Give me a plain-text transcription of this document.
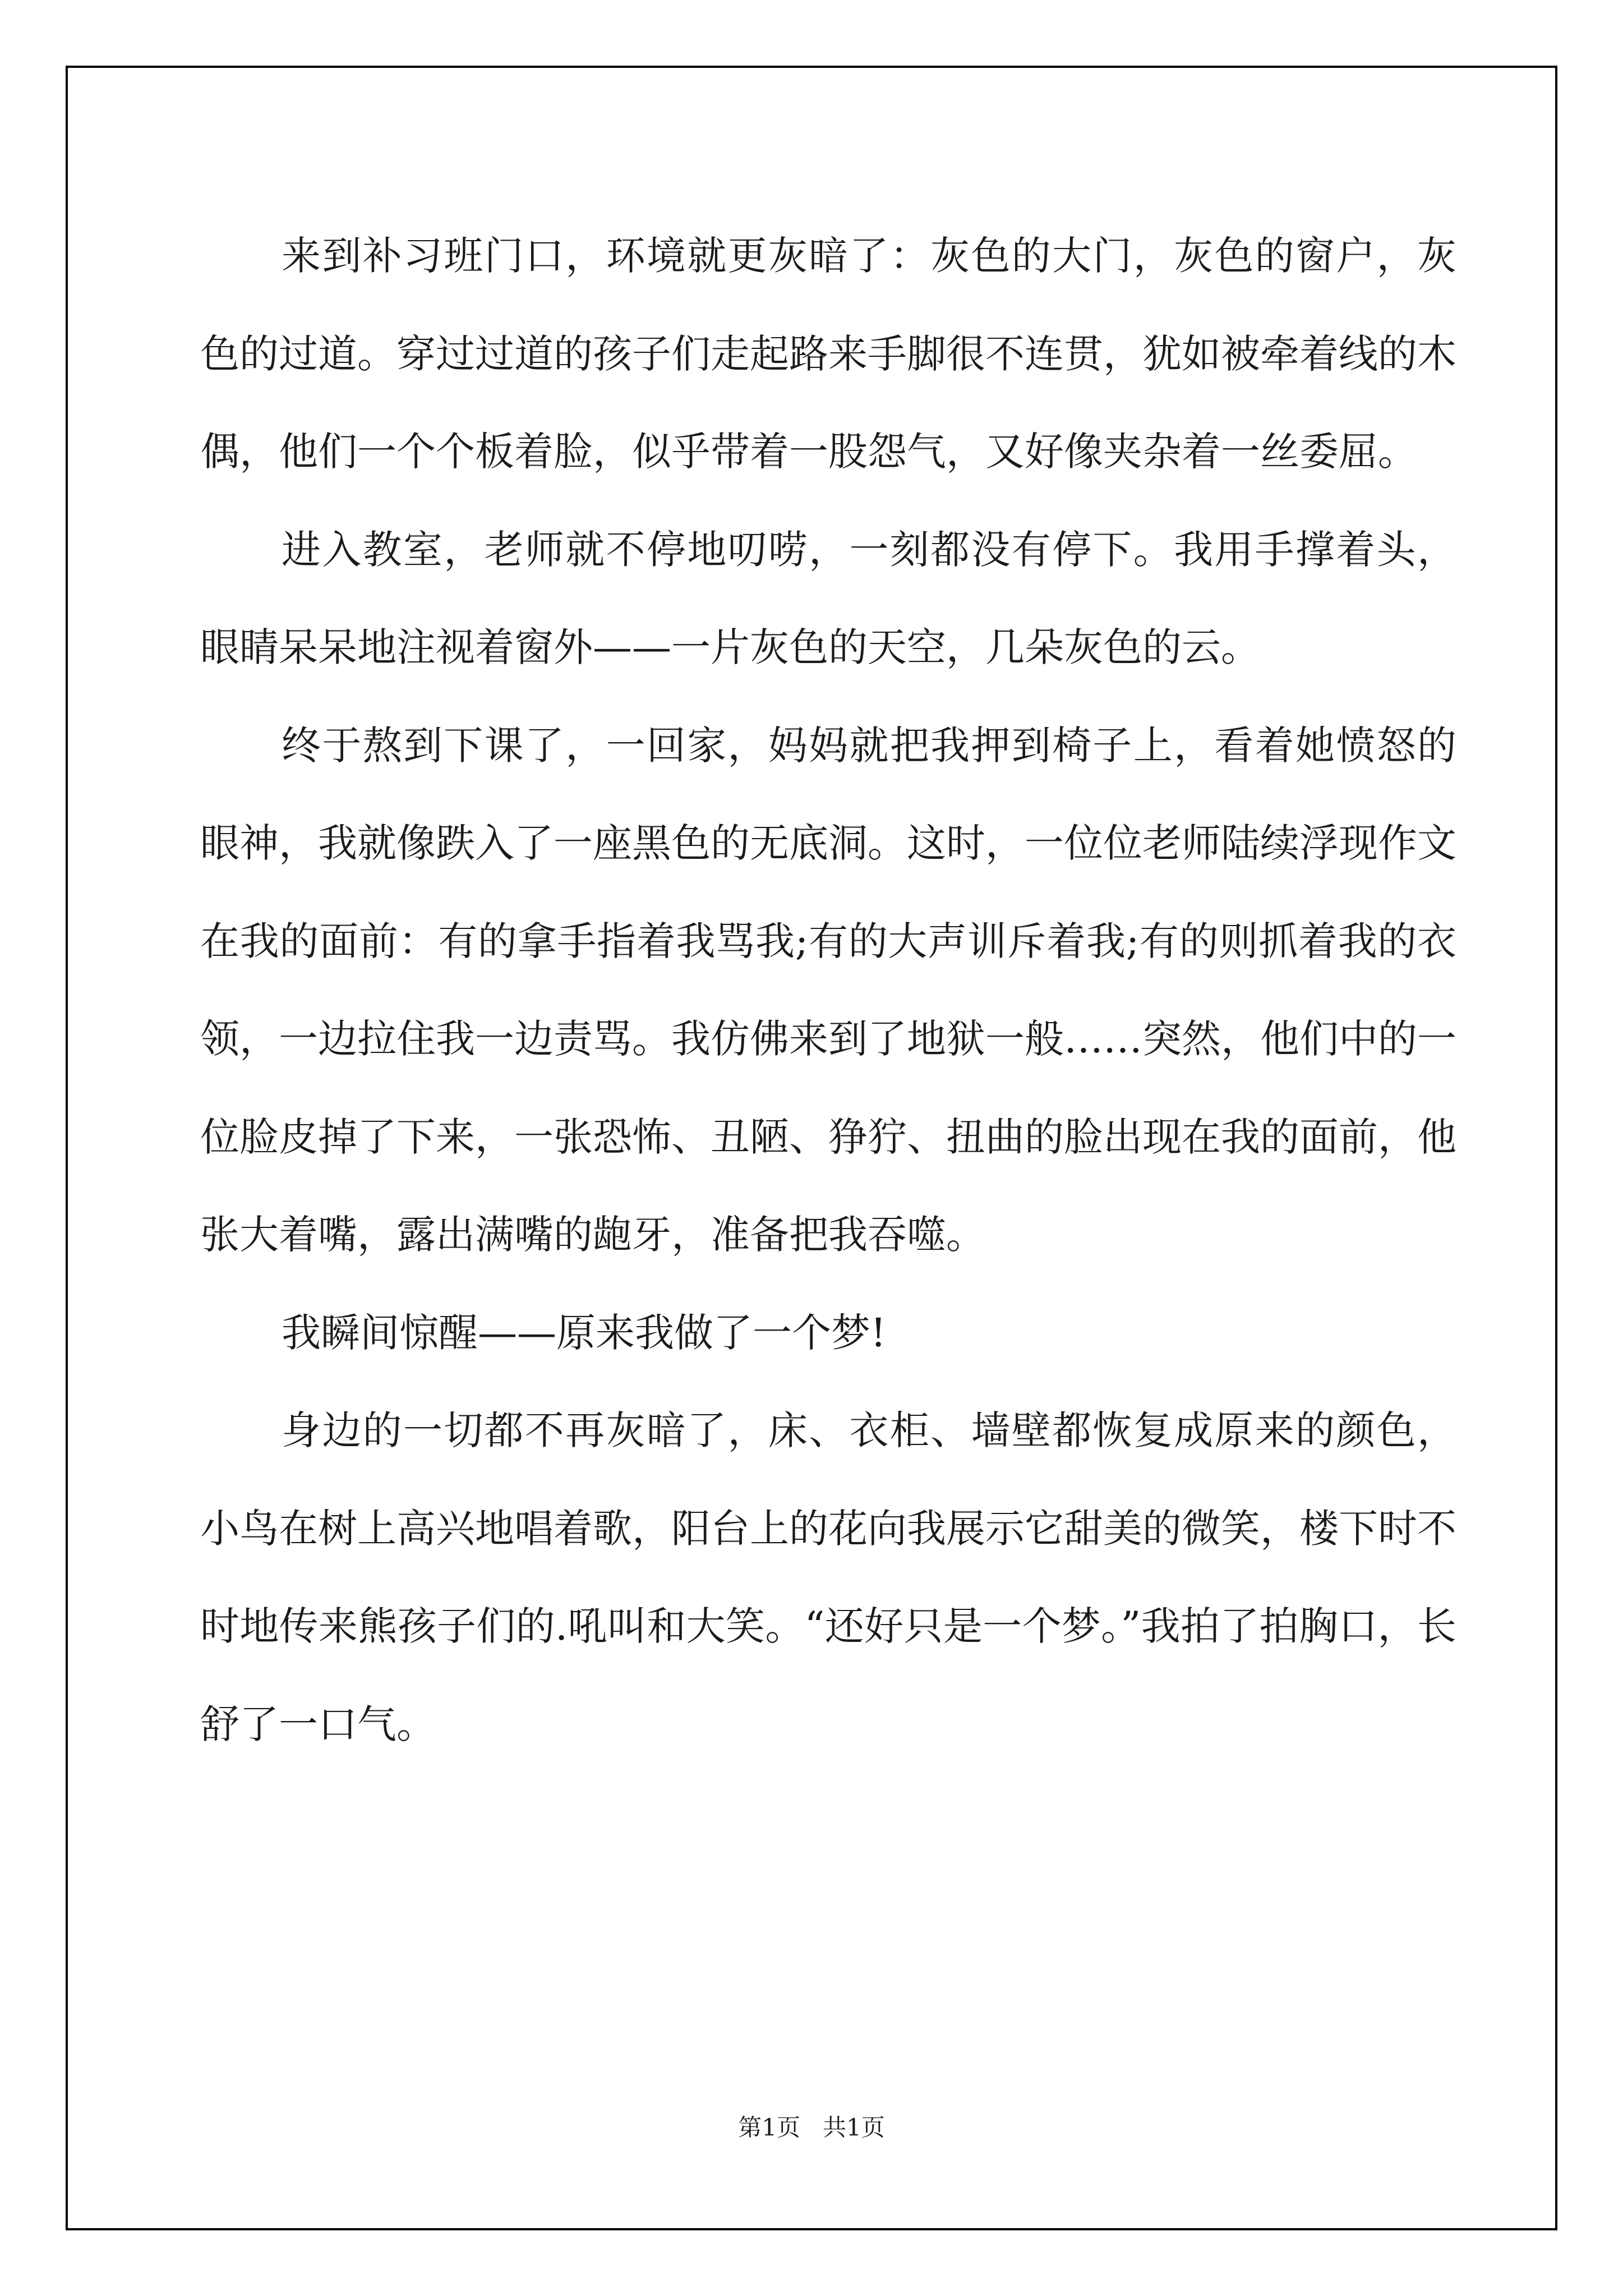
来到补习班门口，环境就更灰暗了：灰色的大门，灰色的窗户，灰色的过道。穿过过道的孩子们走起路来手脚很不连贯，犹如被牵着线的木偶，他们一个个板着脸，似乎带着一股怨气，又好像夹杂着一丝委屈。

进入教室，老师就不停地叨唠，一刻都没有停下。我用手撑着头，眼睛呆呆地注视着窗外——一片灰色的天空，几朵灰色的云。

终于熬到下课了，一回家，妈妈就把我押到椅子上，看着她愤怒的眼神，我就像跌入了一座黑色的无底洞。这时，一位位老师陆续浮现作文在我的面前：有的拿手指着我骂我;有的大声训斥着我;有的则抓着我的衣领，一边拉住我一边责骂。我仿佛来到了地狱一般……突然，他们中的一位脸皮掉了下来，一张恐怖、丑陋、狰狞、扭曲的脸出现在我的面前，他张大着嘴，露出满嘴的龅牙，准备把我吞噬。

我瞬间惊醒——原来我做了一个梦!

身边的一切都不再灰暗了，床、衣柜、墙壁都恢复成原来的颜色，小鸟在树上高兴地唱着歌，阳台上的花向我展示它甜美的微笑，楼下时不时地传来熊孩子们的.吼叫和大笑。“还好只是一个梦。”我拍了拍胸口，长舒了一口气。

第1页   共1页
